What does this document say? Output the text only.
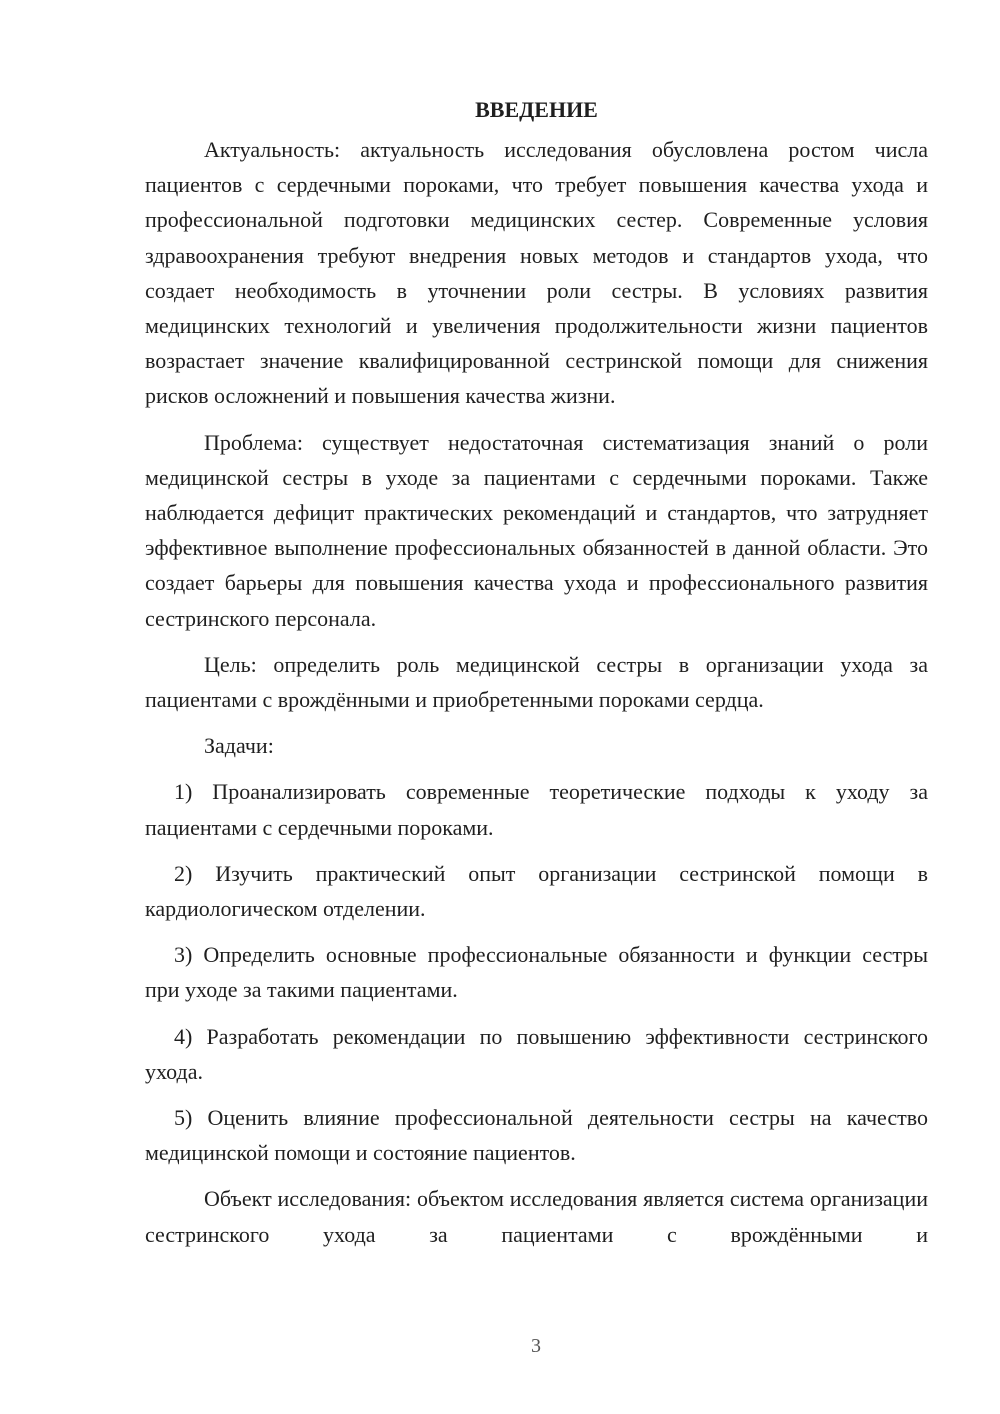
ВВЕДЕНИЕ

Актуальность: актуальность исследования обусловлена ростом числа пациентов с сердечными пороками, что требует повышения качества ухода и профессиональной подготовки медицинских сестер. Современные условия здравоохранения требуют внедрения новых методов и стандартов ухода, что создает необходимость в уточнении роли сестры. В условиях развития медицинских технологий и увеличения продолжительности жизни пациентов возрастает значение квалифицированной сестринской помощи для снижения рисков осложнений и повышения качества жизни.

Проблема: существует недостаточная систематизация знаний о роли медицинской сестры в уходе за пациентами с сердечными пороками. Также наблюдается дефицит практических рекомендаций и стандартов, что затрудняет эффективное выполнение профессиональных обязанностей в данной области. Это создает барьеры для повышения качества ухода и профессионального развития сестринского персонала.

Цель: определить роль медицинской сестры в организации ухода за пациентами с врождёнными и приобретенными пороками сердца.

Задачи:

1) Проанализировать современные теоретические подходы к уходу за пациентами с сердечными пороками.

2) Изучить практический опыт организации сестринской помощи в кардиологическом отделении.

3) Определить основные профессиональные обязанности и функции сестры при уходе за такими пациентами.

4) Разработать рекомендации по повышению эффективности сестринского ухода.

5) Оценить влияние профессиональной деятельности сестры на качество медицинской помощи и состояние пациентов.

Объект исследования: объектом исследования является система организации сестринского ухода за пациентами с врождёнными и

3
